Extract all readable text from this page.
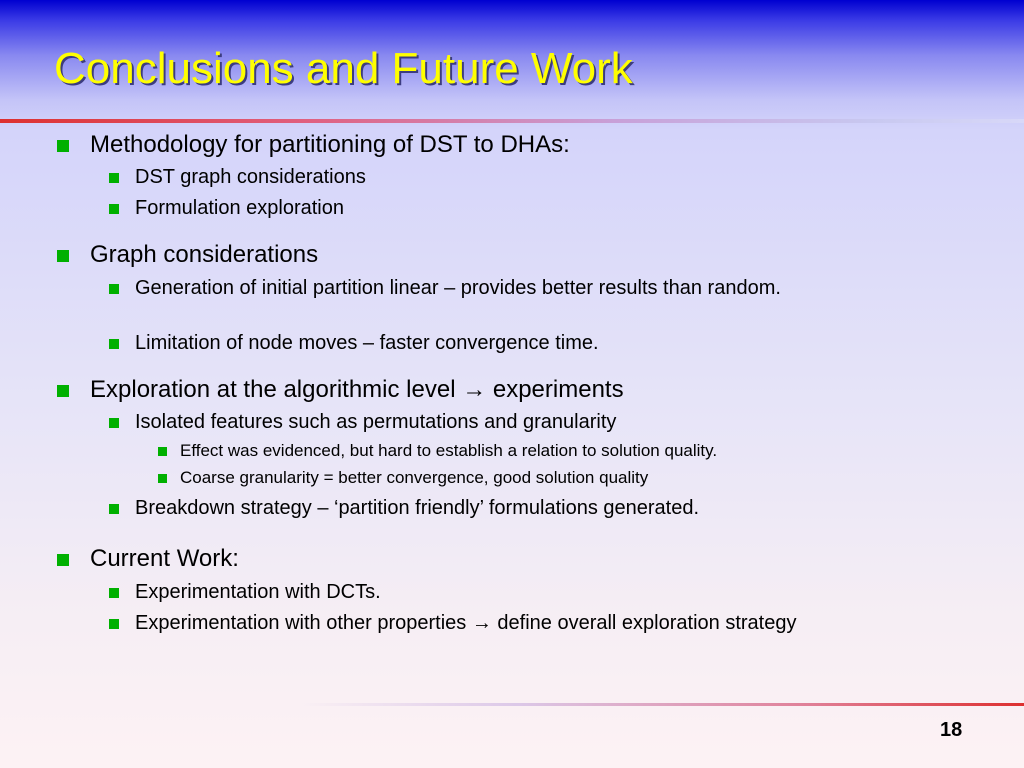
Conclusions and Future Work
Methodology for partitioning of DST to DHAs:
DST graph considerations
Formulation exploration
Graph considerations
Generation of initial partition linear – provides better results than random.
Limitation of node moves – faster convergence time.
Exploration at the algorithmic level → experiments
Isolated features such as permutations and granularity
Effect was evidenced, but hard to establish a relation to solution quality.
Coarse granularity = better convergence, good solution quality
Breakdown strategy – ‘partition friendly’ formulations generated.
Current Work:
Experimentation with DCTs.
Experimentation with other properties → define overall exploration strategy
18
